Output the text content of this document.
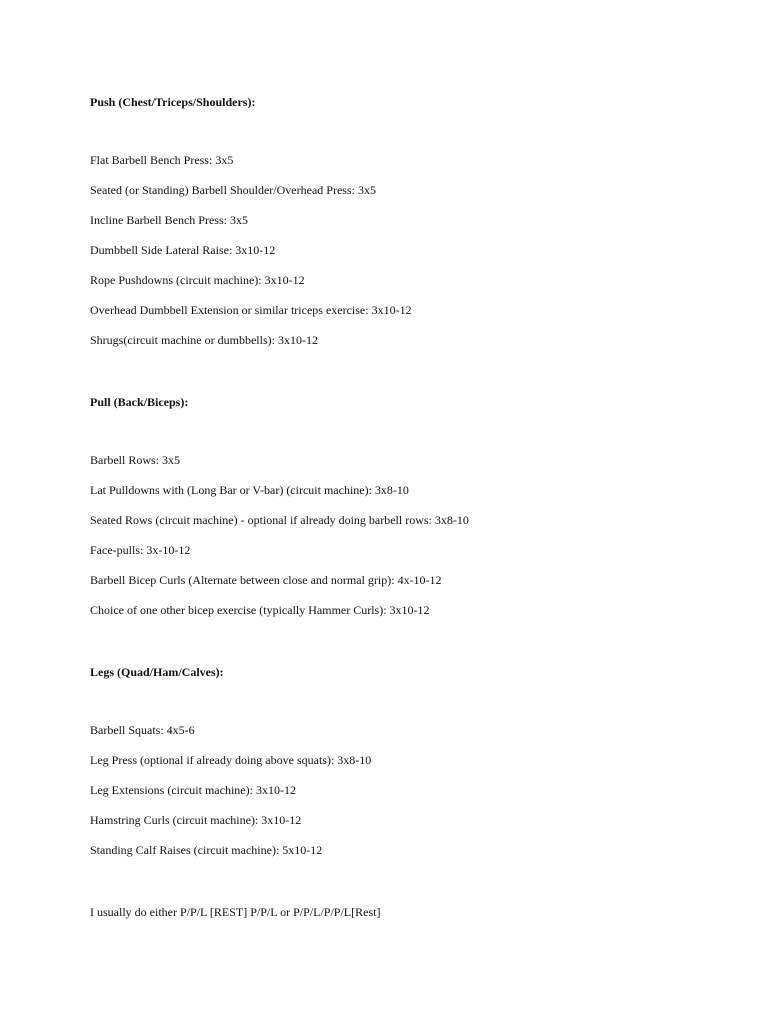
Push (Chest/Triceps/Shoulders):
Flat Barbell Bench Press: 3x5
Seated (or Standing) Barbell Shoulder/Overhead Press: 3x5
Incline Barbell Bench Press: 3x5
Dumbbell Side Lateral Raise: 3x10-12
Rope Pushdowns (circuit machine): 3x10-12
Overhead Dumbbell Extension or similar triceps exercise: 3x10-12
Shrugs(circuit machine or dumbbells): 3x10-12
Pull (Back/Biceps):
Barbell Rows: 3x5
Lat Pulldowns with (Long Bar or V-bar) (circuit machine): 3x8-10
Seated Rows (circuit machine) - optional if already doing barbell rows: 3x8-10
Face-pulls: 3x-10-12
Barbell Bicep Curls (Alternate between close and normal grip): 4x-10-12
Choice of one other bicep exercise (typically Hammer Curls): 3x10-12
Legs (Quad/Ham/Calves):
Barbell Squats: 4x5-6
Leg Press (optional if already doing above squats): 3x8-10
Leg Extensions (circuit machine): 3x10-12
Hamstring Curls (circuit machine): 3x10-12
Standing Calf Raises (circuit machine): 5x10-12
I usually do either P/P/L [REST] P/P/L or P/P/L/P/P/L[Rest]
